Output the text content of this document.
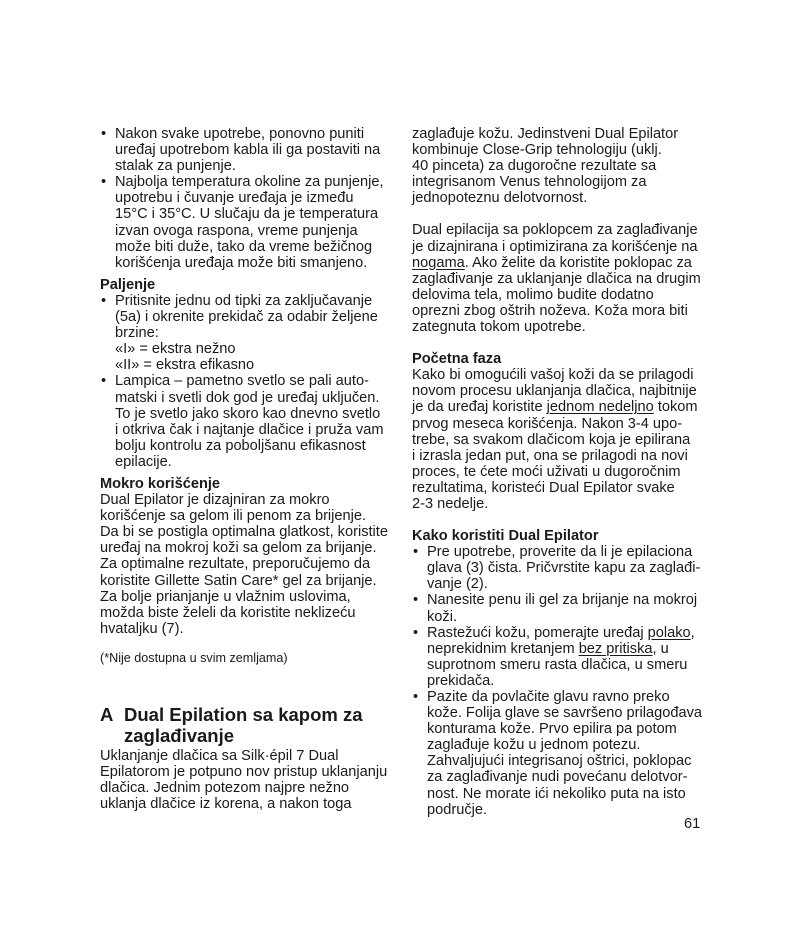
• Nakon svake upotrebe, ponovno puniti
uređaj upotrebom kabla ili ga postaviti na
stalak za punjenje.
• Najbolja temperatura okoline za punjenje,
upotrebu i čuvanje uređaja je između
15°C i 35°C. U slučaju da je temperatura
izvan ovoga raspona, vreme punjenja
može biti duže, tako da vreme bežičnog
korišćenja uređaja može biti smanjeno.
Paljenje
• Pritisnite jednu od tipki za zaključavanje
(5a) i okrenite prekidač za odabir željene
brzine:
«I» = ekstra nežno
«II» = ekstra efikasno
• Lampica – pametno svetlo se pali auto-
matski i svetli dok god je uređaj uključen.
To je svetlo jako skoro kao dnevno svetlo
i otkriva čak i najtanje dlačice i pruža vam
bolju kontrolu za poboljšanu efikasnost
epilacije.
Mokro korišćenje
Dual Epilator je dizajniran za mokro
korišćenje sa gelom ili penom za brijenje.
Da bi se postigla optimalna glatkost, koristite
uređaj na mokroj koži sa gelom za brijanje.
Za optimalne rezultate, preporučujemo da
koristite Gillette Satin Care* gel za brijanje.
Za bolje prianjanje u vlažnim uslovima,
možda biste želeli da koristite neklizeću
hvataljku (7).
(*Nije dostupna u svim zemljama)
A Dual Epilation sa kapom za
zaglađivanje
Uklanjanje dlačica sa Silk·épil 7 Dual
Epilatorom je potpuno nov pristup uklanjanju
dlačica. Jednim potezom najpre nežno
uklanja dlačice iz korena, a nakon toga
zaglađuje kožu. Jedinstveni Dual Epilator
kombinuje Close-Grip tehnologiju (uklj.
40 pinceta) za dugoročne rezultate sa
integrisanom Venus tehnologijom za
jednopoteznu delotvornost.
Dual epilacija sa poklopcem za zaglađivanje
je dizajnirana i optimizirana za korišćenje na
nogama. Ako želite da koristite poklopac za
zaglađivanje za uklanjanje dlačica na drugim
delovima tela, molimo budite dodatno
oprezni zbog oštrih noževa. Koža mora biti
zategnuta tokom upotrebe.
Početna faza
Kako bi omogućili vašoj koži da se prilagodi
novom procesu uklanjanja dlačica, najbitnije
je da uređaj koristite jednom nedeljno tokom
prvog meseca korišćenja. Nakon 3-4 upo-
trebe, sa svakom dlačicom koja je epilirana
i izrasla jedan put, ona se prilagodi na novi
proces, te ćete moći uživati u dugoročnim
rezultatima, koristeći Dual Epilator svake
2-3 nedelje.
Kako koristiti Dual Epilator
• Pre upotrebe, proverite da li je epilaciona
glava (3) čista. Pričvrstite kapu za zaglađi-
vanje (2).
• Nanesite penu ili gel za brijanje na mokroj
koži.
• Rastežući kožu, pomerajte uređaj polako,
neprekidnim kretanjem bez pritiska, u
suprotnom smeru rasta dlačica, u smeru
prekidača.
• Pazite da povlačite glavu ravno preko
kože. Folija glave se savršeno prilagođava
konturama kože. Prvo epilira pa potom
zaglađuje kožu u jednom potezu.
Zahvaljujući integrisanoj oštrici, poklopac
za zaglađivanje nudi povećanu delotvor-
nost. Ne morate ići nekoliko puta na isto
područje.
61
